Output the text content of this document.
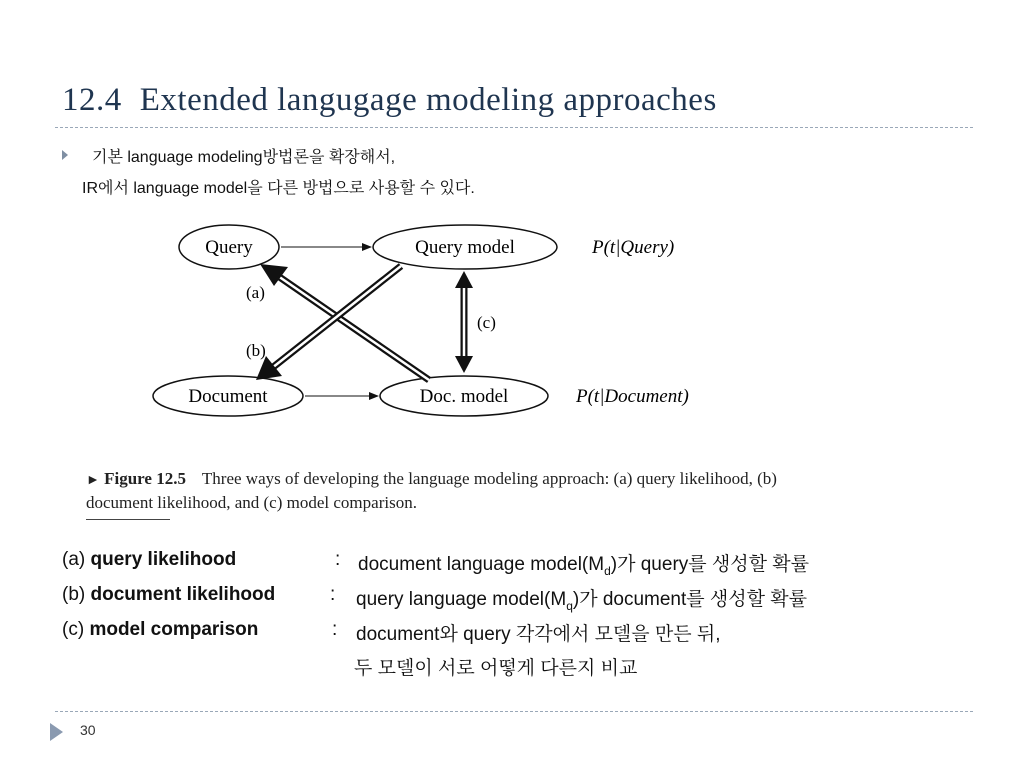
12.4 Extended langugage modeling approaches
기본 language modeling방법론을 확장해서,
IR에서 language model을 다른 방법으로 사용할 수 있다.
Query	Query model
Document	Doc. model
(a)
(b)
(c)
P(t|Query)
P(t|Document)
► Figure 12.5 Three ways of developing the language modeling approach: (a) query likelihood, (b) document likelihood, and (c) model comparison.
(a) query likelihood	: document language $model(M_d)$가 query를 생성할 확률
(b) document likelihood	: query language $model(M_q)$가 document를 생성할 확률
(c) model comparison	: document와 query 각각에서 모델을 만든 뒤,
두 모델이 서로 어떻게 다른지 비교
30
